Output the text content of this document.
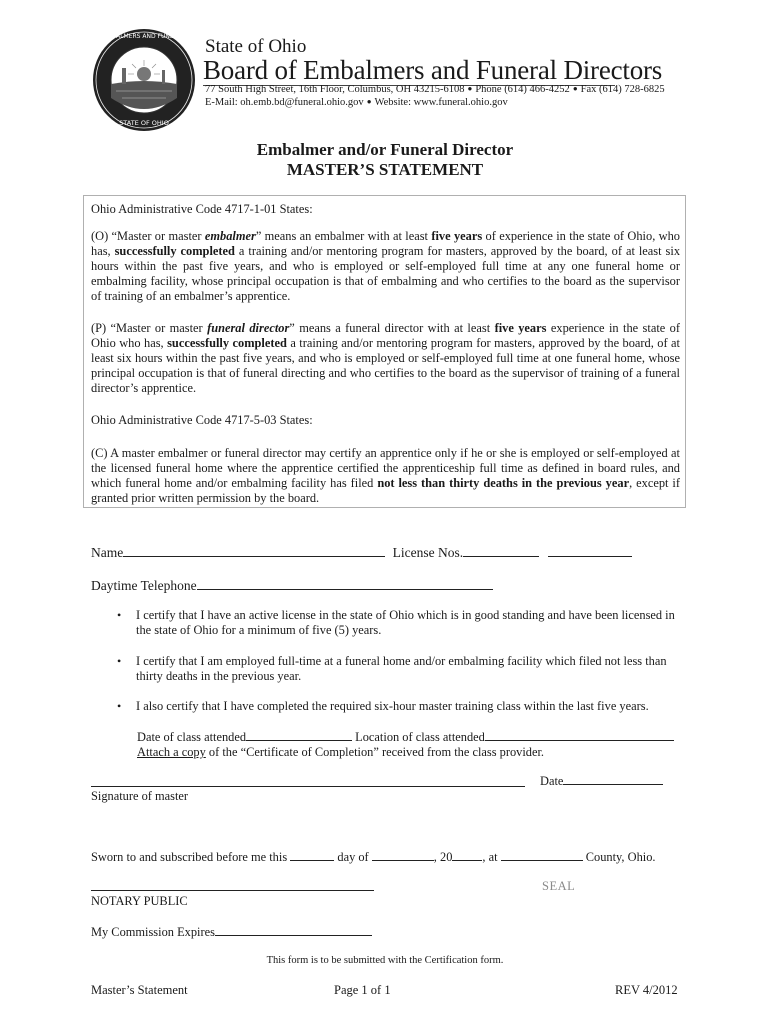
EMBALMERS AND FUNERAL
STATE OF OHIO
State of Ohio
Board of Embalmers and Funeral Directors
77 South High Street, 16th Floor, Columbus, OH 43215-6108 ● Phone (614) 466-4252 ● Fax (614) 728-6825
E-Mail: oh.emb.bd@funeral.ohio.gov ● Website: www.funeral.ohio.gov
Embalmer and/or Funeral Director
MASTER’S STATEMENT
Ohio Administrative Code 4717-1-01 States:

(O) “Master or master embalmer” means an embalmer with at least five years of experience in the state of Ohio, who has, successfully completed a training and/or mentoring program for masters, approved by the board, of at least six hours within the past five years, and who is employed or self-employed full time at any one funeral home or embalming facility, whose principal occupation is that of embalming and who certifies to the board as the supervisor of training of an embalmer’s apprentice.

(P) “Master or master funeral director” means a funeral director with at least five years experience in the state of Ohio who has, successfully completed a training and/or mentoring program for masters, approved by the board, of at least six hours within the past five years, and who is employed or self-employed full time at one funeral home, whose principal occupation is that of funeral directing and who certifies to the board as the supervisor of training of a funeral director’s apprentice.

Ohio Administrative Code 4717-5-03 States:

(C) A master embalmer or funeral director may certify an apprentice only if he or she is employed or self-employed at the licensed funeral home where the apprentice certified the apprenticeship full time as defined in board rules, and which funeral home and/or embalming facility has filed not less than thirty deaths in the previous year, except if granted prior written permission by the board.

Name	License Nos.
Daytime Telephone
• I certify that I have an active license in the state of Ohio which is in good standing and have been licensed in the state of Ohio for a minimum of five (5) years.
• I certify that I am employed full-time at a funeral home and/or embalming facility which filed not less than thirty deaths in the previous year.
• I also certify that I have completed the required six-hour master training class within the last five years.
Date of class attended	Location of class attended
Attach a copy of the “Certificate of Completion” received from the class provider.
Date
Signature of master
Sworn to and subscribed before me this	day of	, 20 , at	County, Ohio.
SEAL
NOTARY PUBLIC
My Commission Expires
This form is to be submitted with the Certification form.
Master’s Statement	Page 1 of 1	REV 4/2012
